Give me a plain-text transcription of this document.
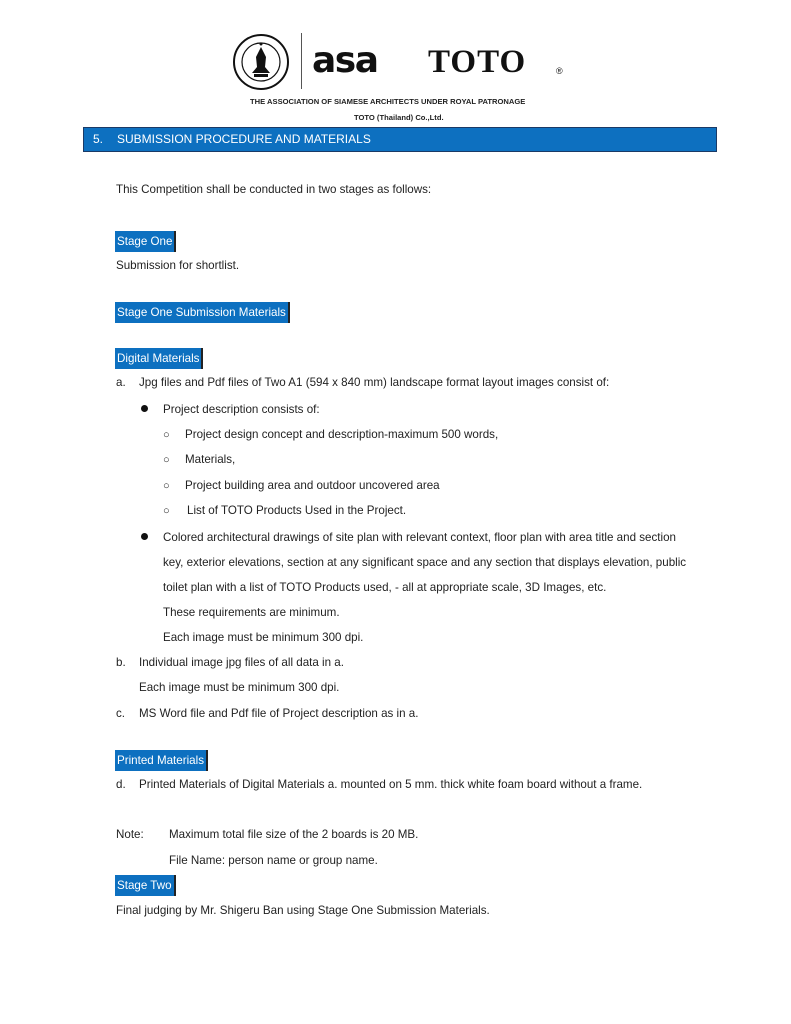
asa TOTO	®
THE ASSOCIATION OF SIAMESE ARCHITECTS UNDER ROYAL PATRONAGE
TOTO (Thailand) Co.,Ltd.
5. SUBMISSION PROCEDURE AND MATERIALS
This Competition shall be conducted in two stages as follows:
Stage One
Submission for shortlist.
Stage One Submission Materials
Digital Materials
a. Jpg files and Pdf files of Two A1 (594 x 840 mm) landscape format layout images consist of:
Project description consists of:
○ Project design concept and description-maximum 500 words,
○ Materials,
○ Project building area and outdoor uncovered area
○ List of TOTO Products Used in the Project.
Colored architectural drawings of site plan with relevant context, floor plan with area title and section
key, exterior elevations, section at any significant space and any section that displays elevation, public
toilet plan with a list of TOTO Products used, - all at appropriate scale, 3D Images, etc.
These requirements are minimum.
Each image must be minimum 300 dpi.
b. Individual image jpg files of all data in a.
Each image must be minimum 300 dpi.
c. MS Word file and Pdf file of Project description as in a.
Printed Materials
d. Printed Materials of Digital Materials a. mounted on 5 mm. thick white foam board without a frame.
Note: Maximum total file size of the 2 boards is 20 MB.
File Name: person name or group name.
Stage Two
Final judging by Mr. Shigeru Ban using Stage One Submission Materials.
